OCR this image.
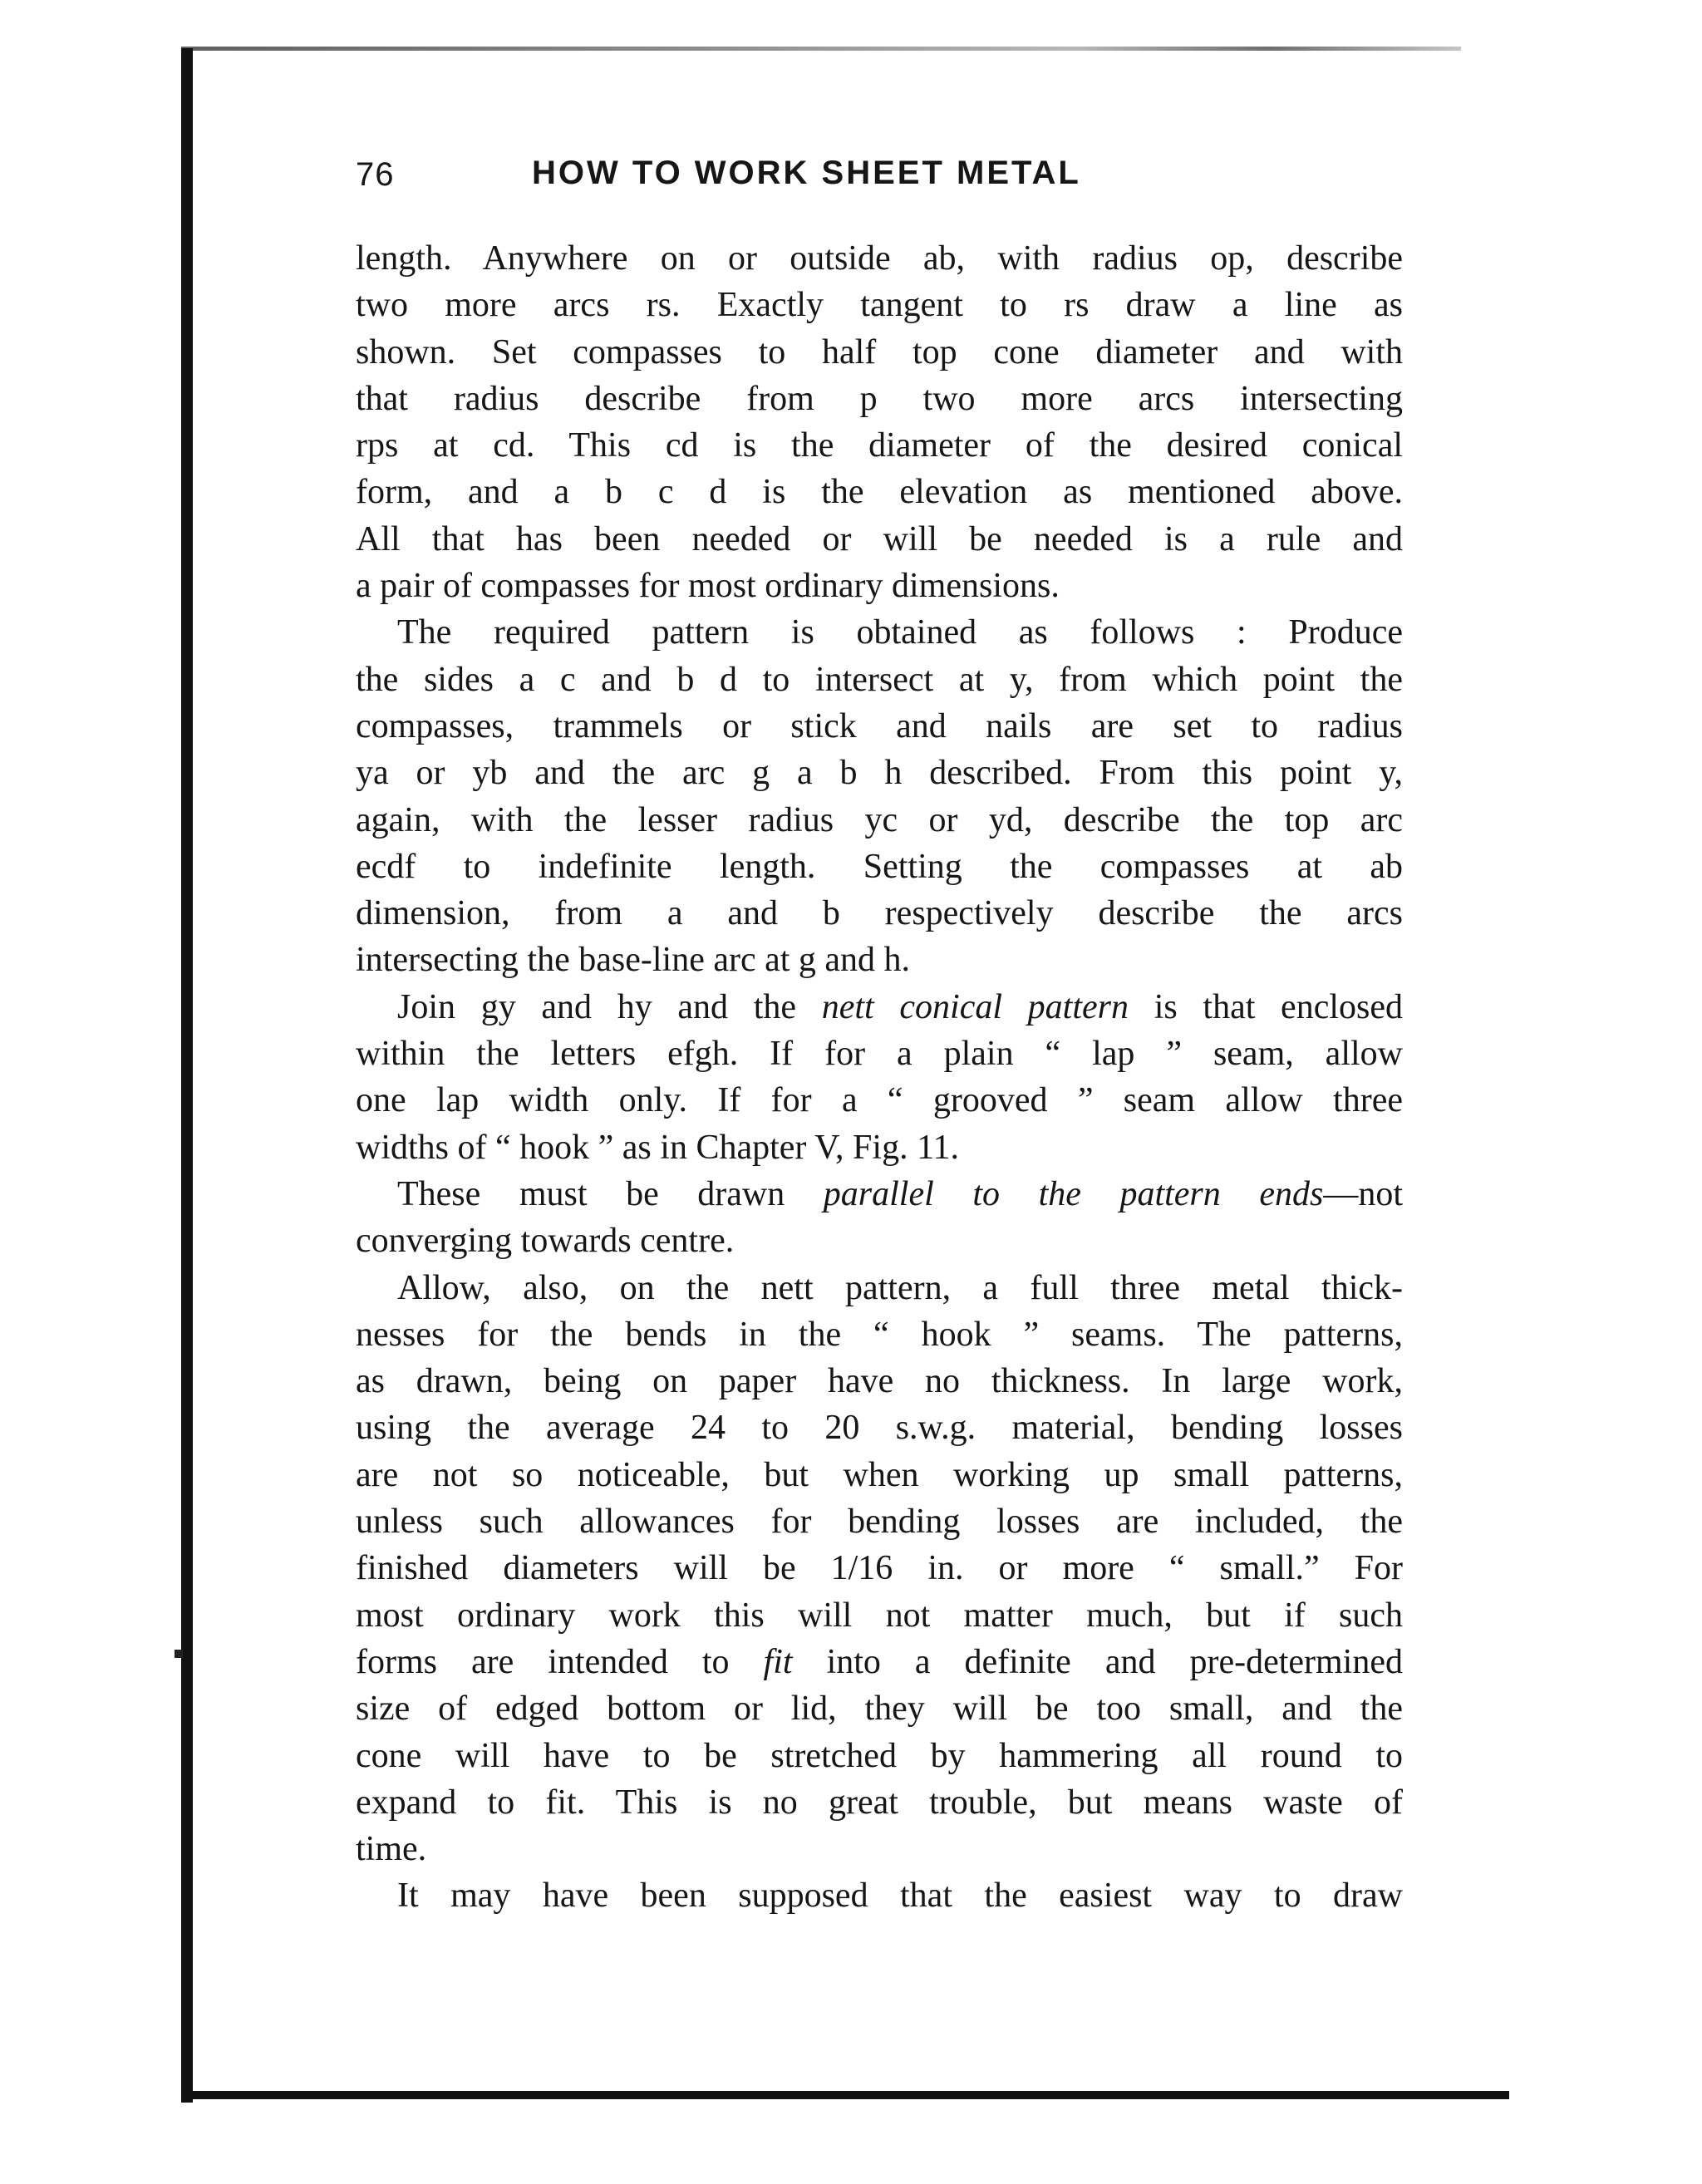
76	HOW TO WORK SHEET METAL
length. Anywhere on or outside ab, with radius op, describe
two more arcs rs. Exactly tangent to rs draw a line as
shown. Set compasses to half top cone diameter and with
that radius describe from p two more arcs intersecting
rps at cd. This cd is the diameter of the desired conical
form, and a b c d is the elevation as mentioned above.
All that has been needed or will be needed is a rule and
a pair of compasses for most ordinary dimensions.
The required pattern is obtained as follows : Produce
the sides a c and b d to intersect at y, from which point the
compasses, trammels or stick and nails are set to radius
ya or yb and the arc g a b h described. From this point y,
again, with the lesser radius yc or yd, describe the top arc
ecdf to indefinite length. Setting the compasses at ab
dimension, from a and b respectively describe the arcs
intersecting the base-line arc at g and h.
Join gy and hy and the nett conical pattern is that enclosed
within the letters efgh. If for a plain “ lap ” seam, allow
one lap width only. If for a “ grooved ” seam allow three
widths of “ hook ” as in Chapter V, Fig. 11.
These must be drawn parallel to the pattern ends—not
converging towards centre.
Allow, also, on the nett pattern, a full three metal thick-
nesses for the bends in the “ hook ” seams. The patterns,
as drawn, being on paper have no thickness. In large work,
using the average 24 to 20 s.w.g. material, bending losses
are not so noticeable, but when working up small patterns,
unless such allowances for bending losses are included, the
finished diameters will be 1/16 in. or more “ small.” For
most ordinary work this will not matter much, but if such
forms are intended to fit into a definite and pre-determined
size of edged bottom or lid, they will be too small, and the
cone will have to be stretched by hammering all round to
expand to fit. This is no great trouble, but means waste of
time.
It may have been supposed that the easiest way to draw
